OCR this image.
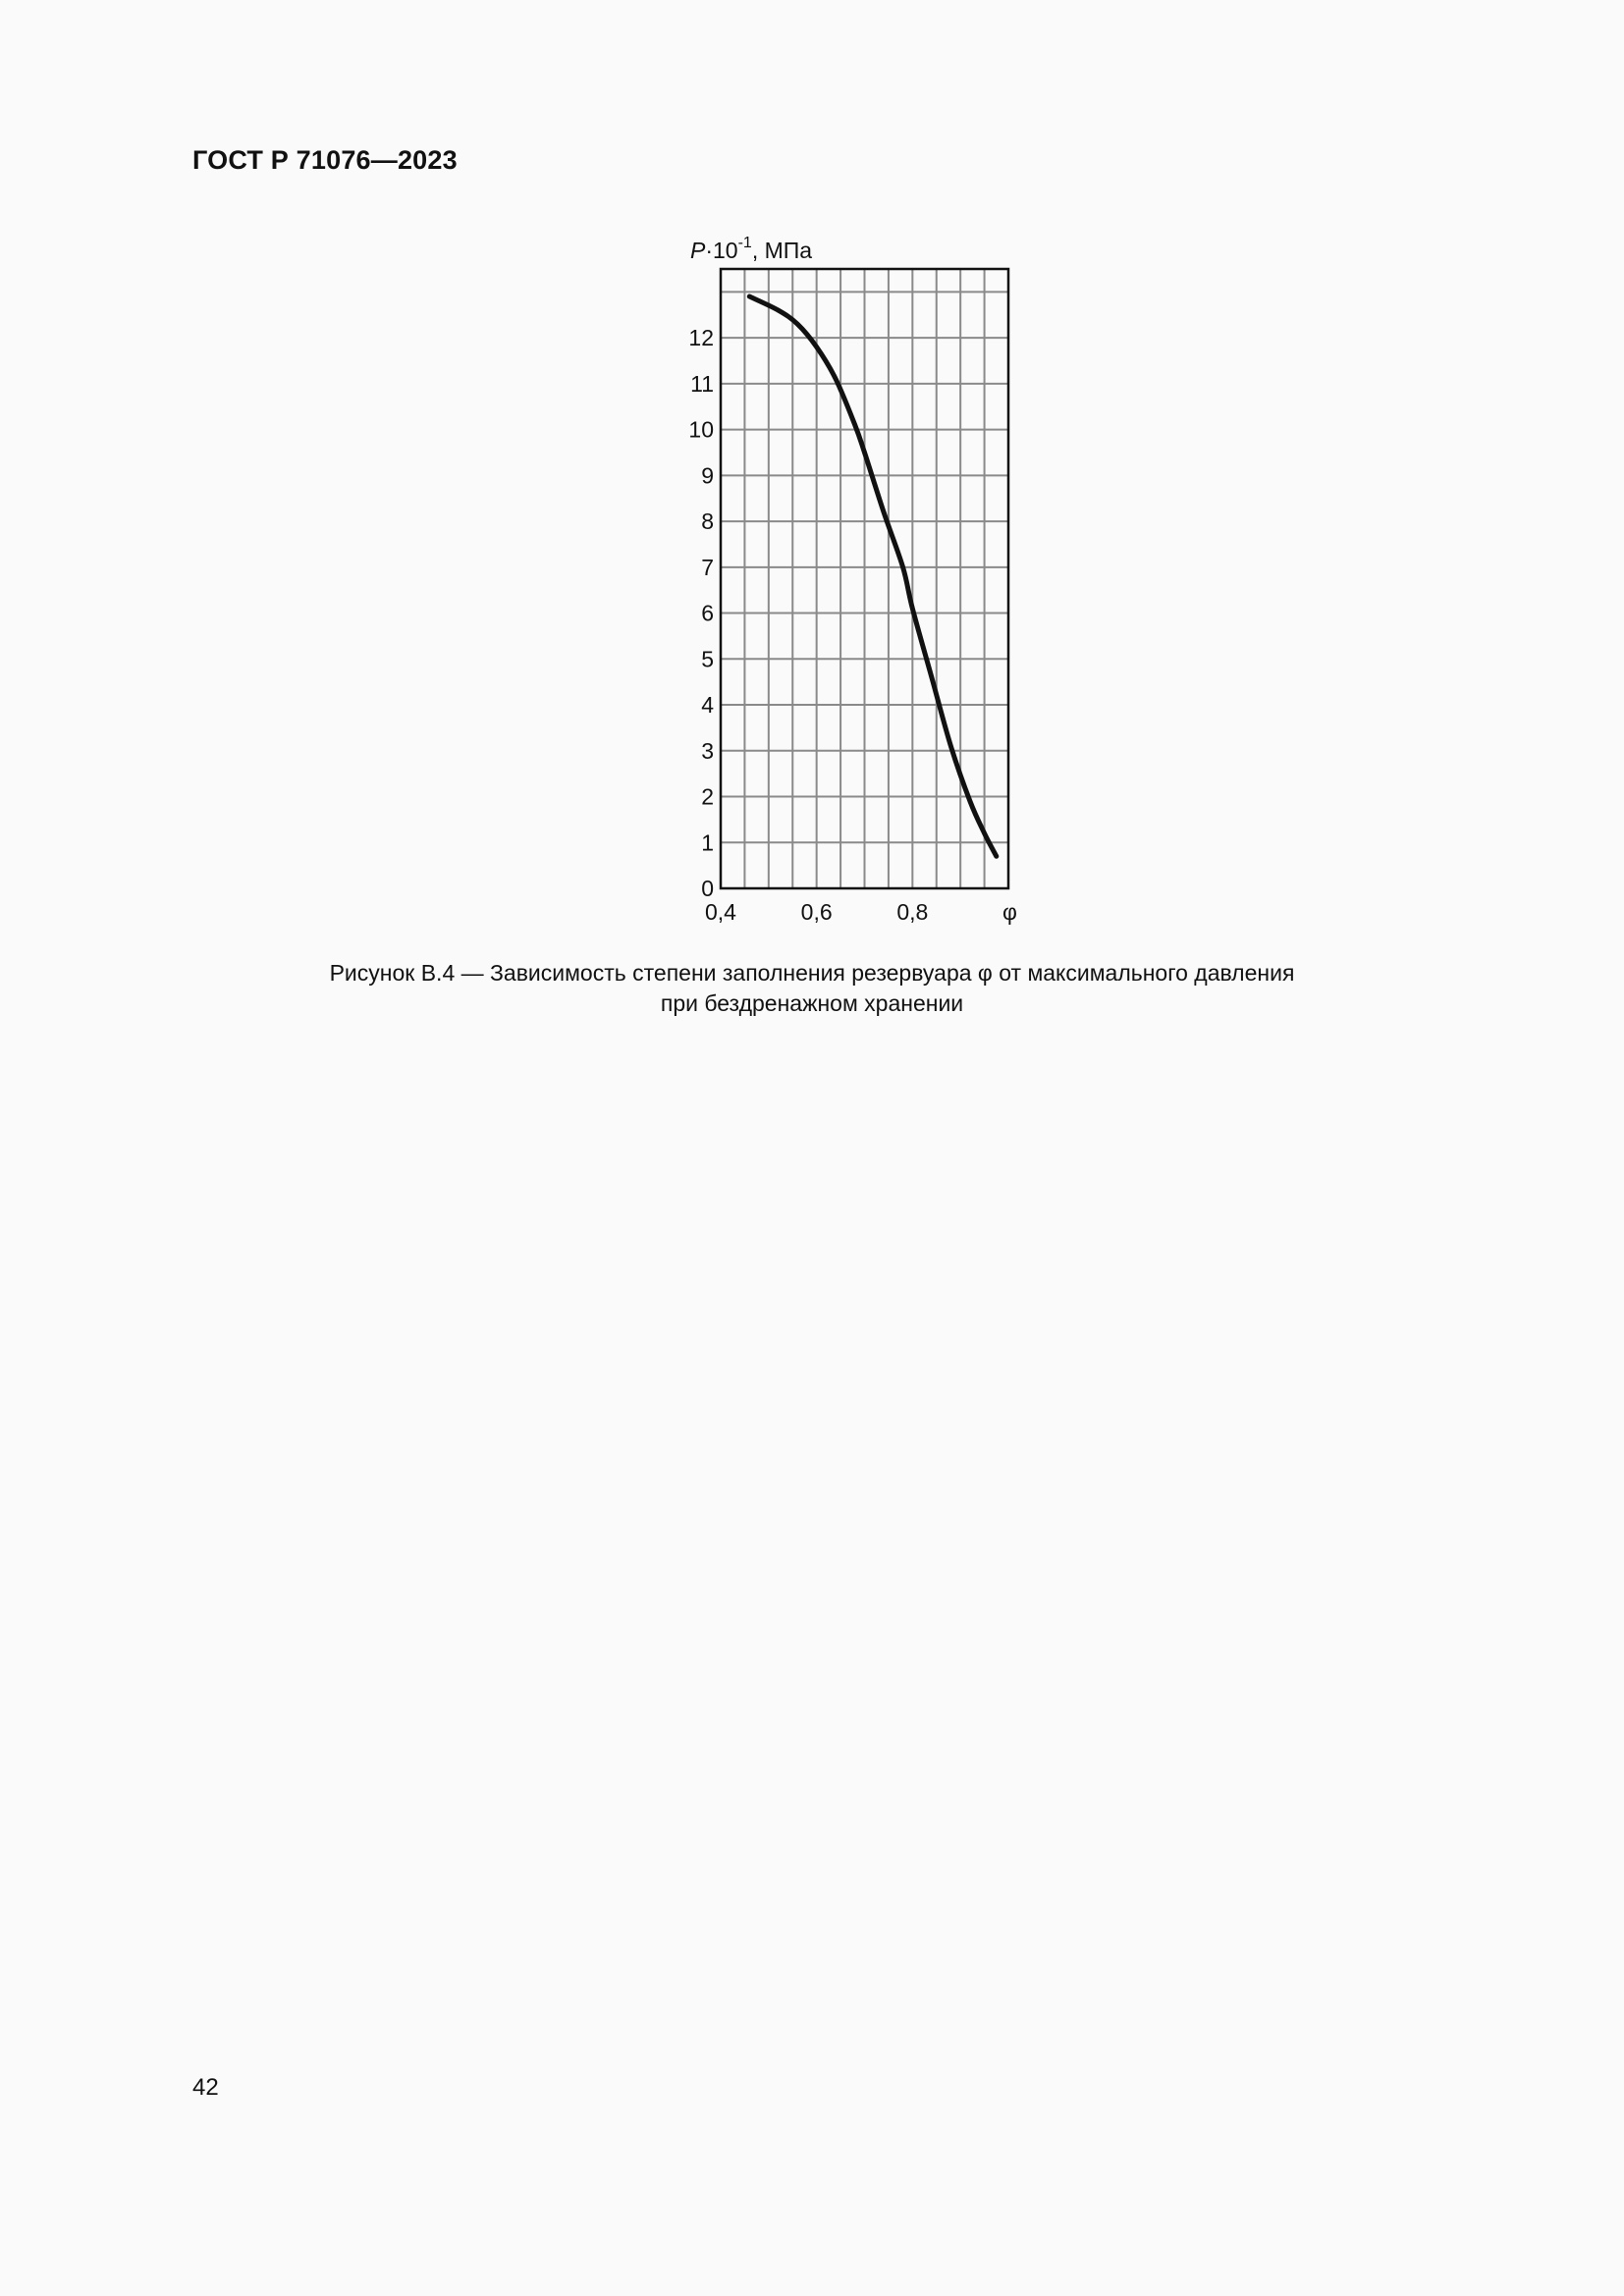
ГОСТ Р 71076—2023
0
1
2
3
4
5
6
7
8
9
10
11
12
0,4	0,6	0,8
$P\cdot 10^{-1}$, МПа
φ
Рисунок В.4 — Зависимость степени заполнения резервуара φ от максимального давления
при бездренажном хранении
42
